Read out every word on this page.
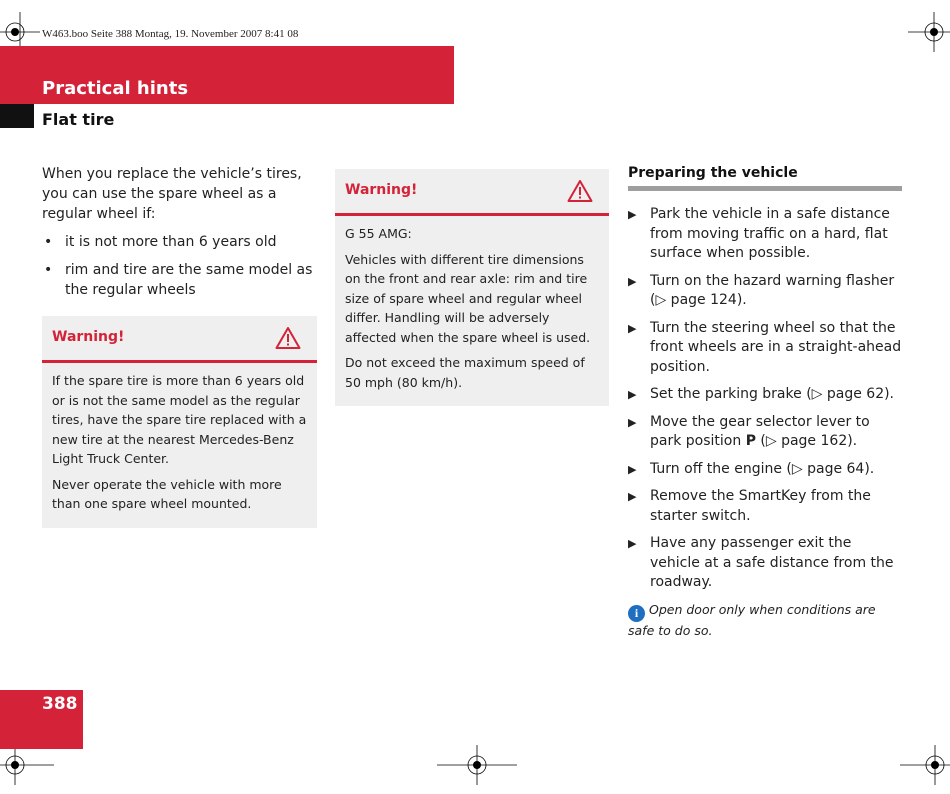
W463.boo Seite 388 Montag, 19. November 2007 8:41 08
Practical hints
Flat tire

When you replace the vehicle’s tires, you can use the spare wheel as a regular wheel if:

• it is not more than 6 years old
• rim and tire are the same model as the regular wheels
Warning!

If the spare tire is more than 6 years old or is not the same model as the regular tires, have the spare tire replaced with a new tire at the nearest Mercedes-Benz Light Truck Center.

Never operate the vehicle with more than one spare wheel mounted.

Warning!

G 55 AMG:

Vehicles with different tire dimensions on the front and rear axle: rim and tire size of spare wheel and regular wheel differ. Handling will be adversely affected when the spare wheel is used.

Do not exceed the maximum speed of 50 mph (80 km/h).

Preparing the vehicle
▶ Park the vehicle in a safe distance from moving traffic on a hard, flat surface when possible.
▶ Turn on the hazard warning flasher (▷ page 124).
▶ Turn the steering wheel so that the front wheels are in a straight-ahead position.
▶ Set the parking brake (▷ page 62).
▶ Move the gear selector lever to park position P (▷ page 162).
▶ Turn off the engine (▷ page 64).
▶ Remove the SmartKey from the starter switch.
▶ Have any passenger exit the vehicle at a safe distance from the roadway.
i Open door only when conditions are safe to do so.
388
